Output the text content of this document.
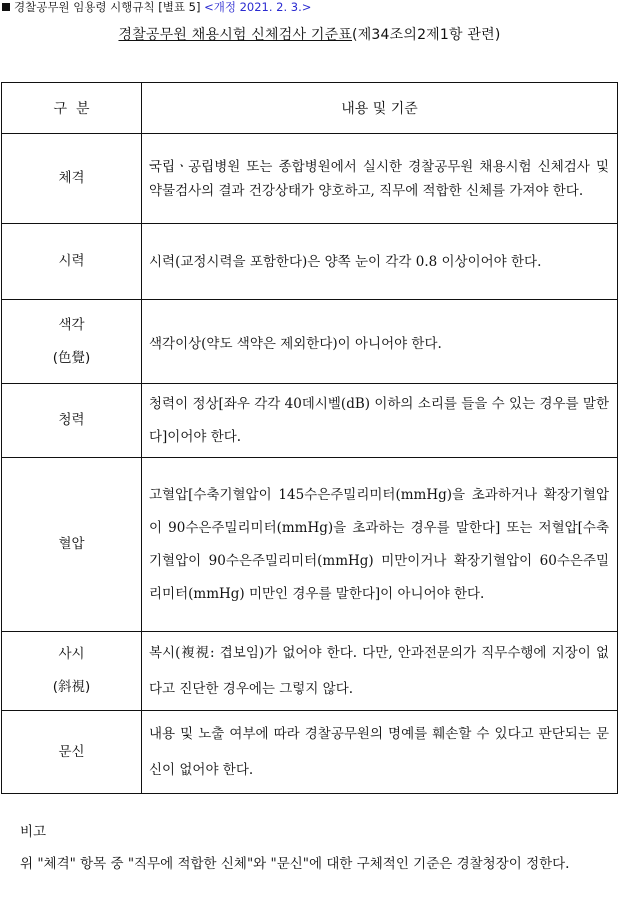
경찰공무원 임용령 시행규칙 [별표 5] <개정 2021. 2. 3.>
경찰공무원 채용시험 신체검사 기준표(제34조의2제1항 관련)
구  분	내용 및 기준
체격	국립ㆍ공립병원 또는 종합병원에서 실시한 경찰공무원 채용시험 신체검사 및 약물검사의 결과 건강상태가 양호하고, 직무에 적합한 신체를 가져야 한다.
시력	시력(교정시력을 포함한다)은 양쪽 눈이 각각 0.8 이상이어야 한다.

색각
(色覺)	색각이상(약도 색약은 제외한다)이 아니어야 한다.
청력	청력이 정상[좌우 각각 40데시벨(dB) 이하의 소리를 들을 수 있는 경우를 말한다]이어야 한다.
혈압	고혈압[수축기혈압이 145수은주밀리미터(mmHg)을 초과하거나 확장기혈압이 90수은주밀리미터(mmHg)을 초과하는 경우를 말한다] 또는 저혈압[수축기혈압이 90수은주밀리미터(mmHg) 미만이거나 확장기혈압이 60수은주밀리미터(mmHg) 미만인 경우를 말한다]이 아니어야 한다.

사시
(斜視)	복시(複視: 겹보임)가 없어야 한다. 다만, 안과전문의가 직무수행에 지장이 없다고 진단한 경우에는 그렇지 않다.
문신	내용 및 노출 여부에 따라 경찰공무원의 명예를 훼손할 수 있다고 판단되는 문신이 없어야 한다.
비고
위 "체격" 항목 중 "직무에 적합한 신체"와 "문신"에 대한 구체적인 기준은 경찰청장이 정한다.
